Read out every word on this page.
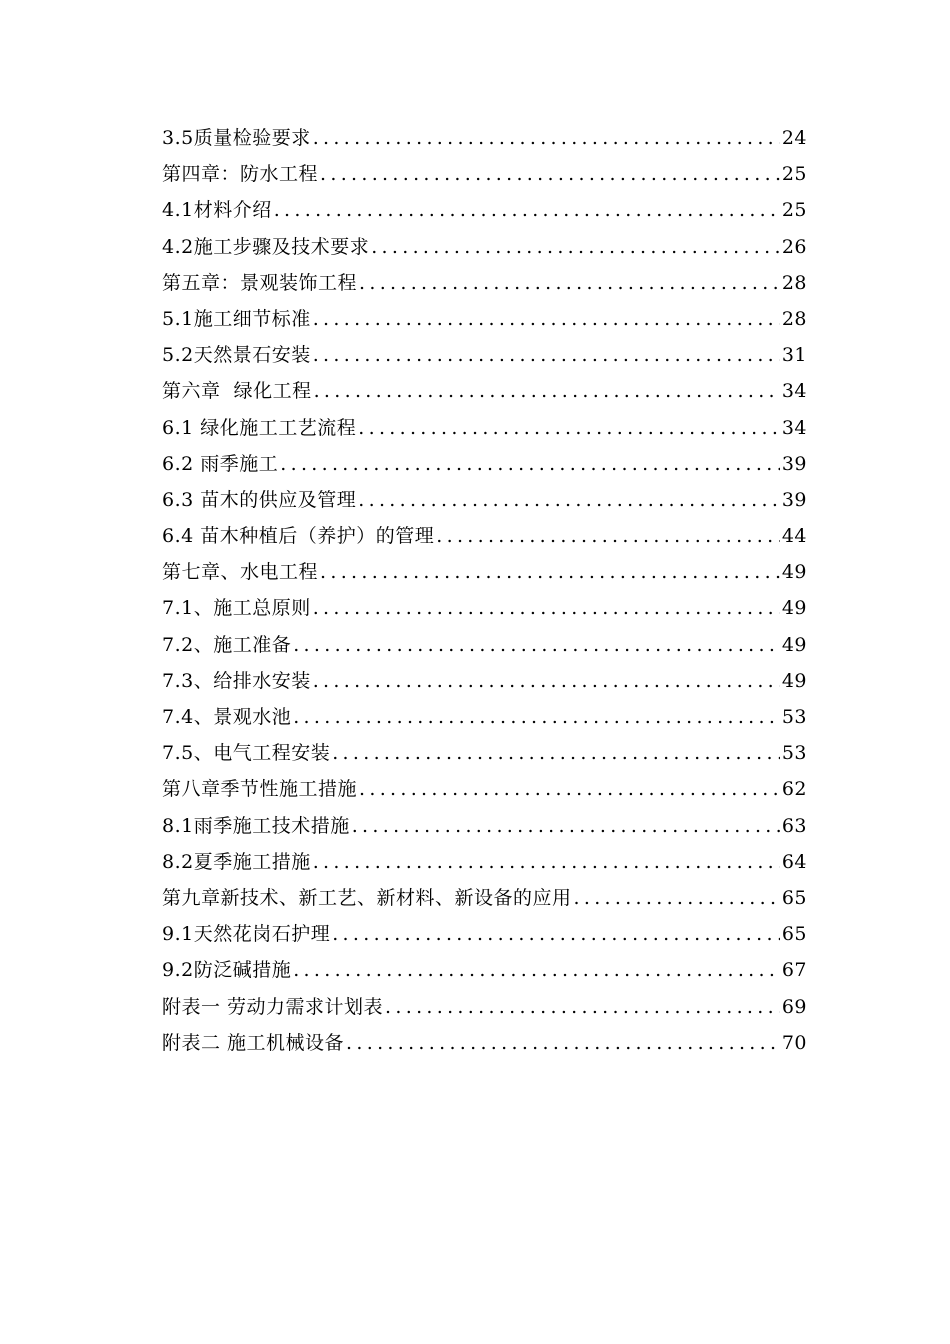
3.5质量检验要求 .....	24
第四章：防水工程 .....	25
4.1材料介绍 .....	25
4.2施工步骤及技术要求 .....	26
第五章：景观装饰工程 .....	28
5.1施工细节标准 .....	28
5.2天然景石安装 .....	31
第六章  绿化工程 .....	34
6.1 绿化施工工艺流程 .....	34
6.2 雨季施工 .....	39
6.3 苗木的供应及管理 .....	39
6.4 苗木种植后（养护）的管理 .....	44
第七章、水电工程 .....	49
7.1、施工总原则 .....	49
7.2、施工准备 .....	49
7.3、给排水安装 .....	49
7.4、景观水池 .....	53
7.5、电气工程安装 .....	53
第八章季节性施工措施 .....	62
8.1雨季施工技术措施 .....	63
8.2夏季施工措施 .....	64
第九章新技术、新工艺、新材料、新设备的应用 .....	65
9.1天然花岗石护理 .....	65
9.2防泛碱措施 .....	67
附表一 劳动力需求计划表 .....	69
附表二 施工机械设备 .....	70
